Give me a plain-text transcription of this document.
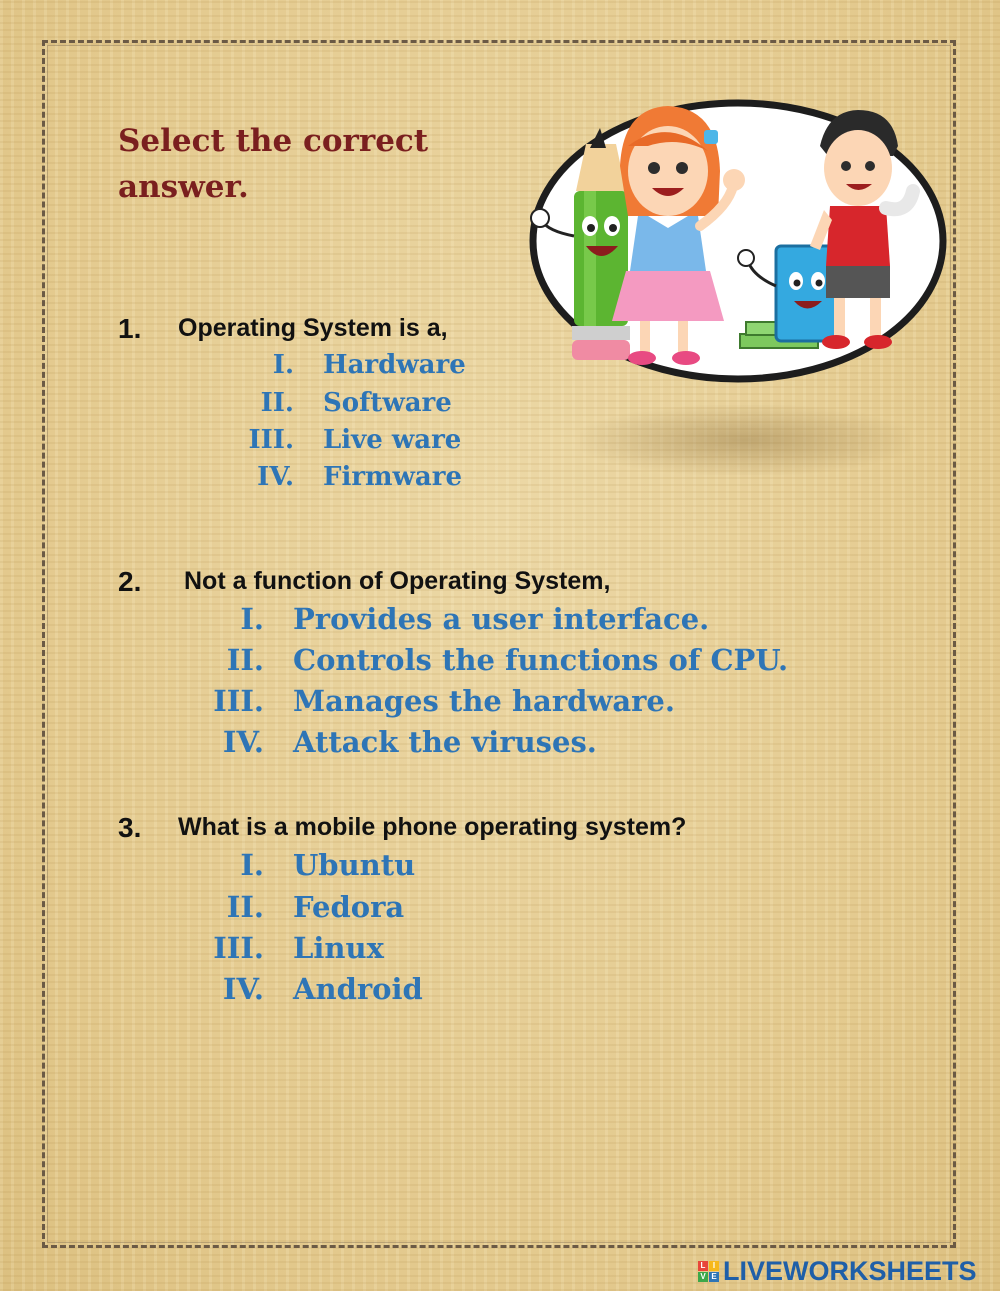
Select the correct answer.

1. Operating System is a,

I. Hardware
II. Software
III. Live ware
IV. Firmware

2. Not a function of Operating System,

I. Provides a user interface.
II. Controls the functions of CPU.
III. Manages the hardware.
IV. Attack the viruses.

3. What is a mobile phone operating system?

I. Ubuntu
II. Fedora
III. Linux
IV. Android
L I
V E LIVEWORKSHEETS
